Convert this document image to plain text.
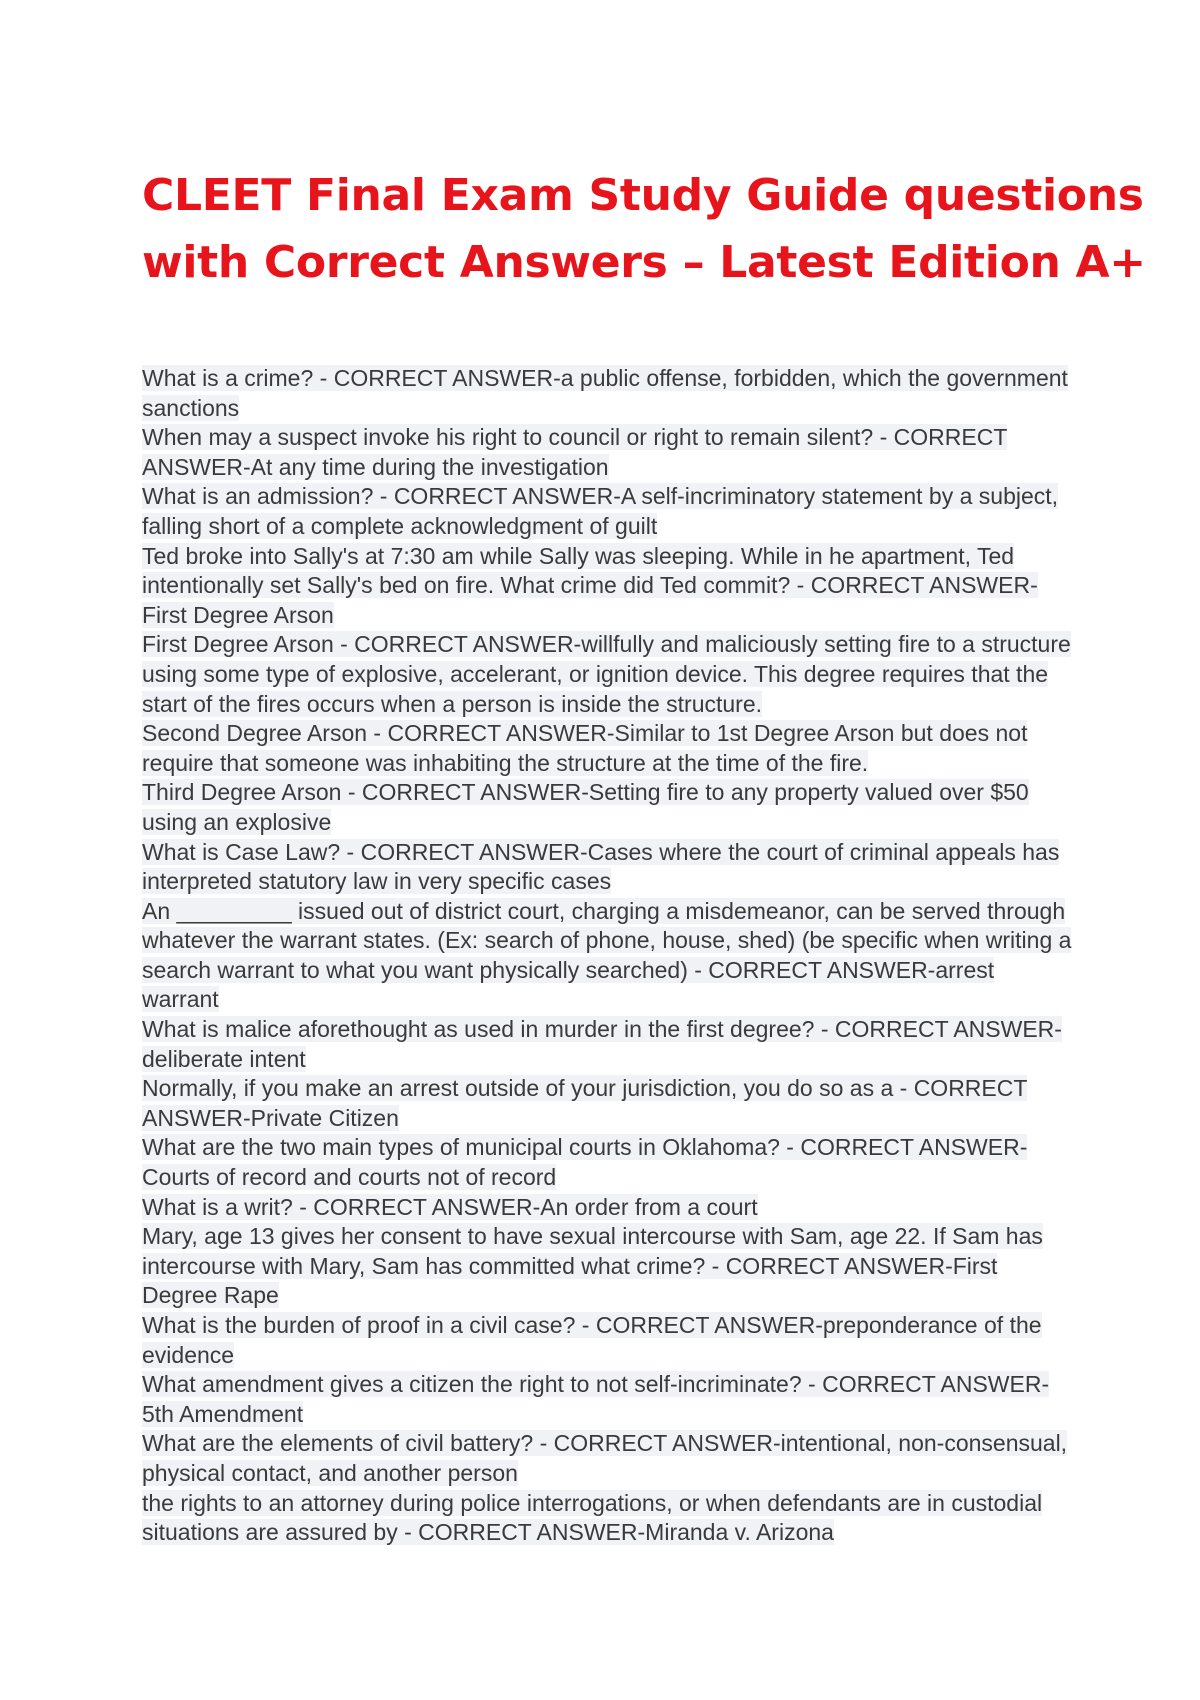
CLEET Final Exam Study Guide questions
with Correct Answers – Latest Edition A+
What is a crime? - CORRECT ANSWER-a public offense, forbidden, which the government sanctions
When may a suspect invoke his right to council or right to remain silent? - CORRECT ANSWER-At any time during the investigation
What is an admission? - CORRECT ANSWER-A self-incriminatory statement by a subject, falling short of a complete acknowledgment of guilt
Ted broke into Sally's at 7:30 am while Sally was sleeping. While in he apartment, Ted intentionally set Sally's bed on fire. What crime did Ted commit? - CORRECT ANSWER-First Degree Arson
First Degree Arson - CORRECT ANSWER-willfully and maliciously setting fire to a structure using some type of explosive, accelerant, or ignition device. This degree requires that the start of the fires occurs when a person is inside the structure.
Second Degree Arson - CORRECT ANSWER-Similar to 1st Degree Arson but does not require that someone was inhabiting the structure at the time of the fire.
Third Degree Arson - CORRECT ANSWER-Setting fire to any property valued over $50 using an explosive
What is Case Law? - CORRECT ANSWER-Cases where the court of criminal appeals has interpreted statutory law in very specific cases
An _________ issued out of district court, charging a misdemeanor, can be served through whatever the warrant states. (Ex: search of phone, house, shed) (be specific when writing a search warrant to what you want physically searched) - CORRECT ANSWER-arrest warrant
What is malice aforethought as used in murder in the first degree? - CORRECT ANSWER-deliberate intent
Normally, if you make an arrest outside of your jurisdiction, you do so as a - CORRECT ANSWER-Private Citizen
What are the two main types of municipal courts in Oklahoma? - CORRECT ANSWER-Courts of record and courts not of record
What is a writ? - CORRECT ANSWER-An order from a court
Mary, age 13 gives her consent to have sexual intercourse with Sam, age 22. If Sam has intercourse with Mary, Sam has committed what crime? - CORRECT ANSWER-First Degree Rape
What is the burden of proof in a civil case? - CORRECT ANSWER-preponderance of the evidence
What amendment gives a citizen the right to not self-incriminate? - CORRECT ANSWER-5th Amendment
What are the elements of civil battery? - CORRECT ANSWER-intentional, non-consensual, physical contact, and another person
the rights to an attorney during police interrogations, or when defendants are in custodial situations are assured by - CORRECT ANSWER-Miranda v. Arizona
